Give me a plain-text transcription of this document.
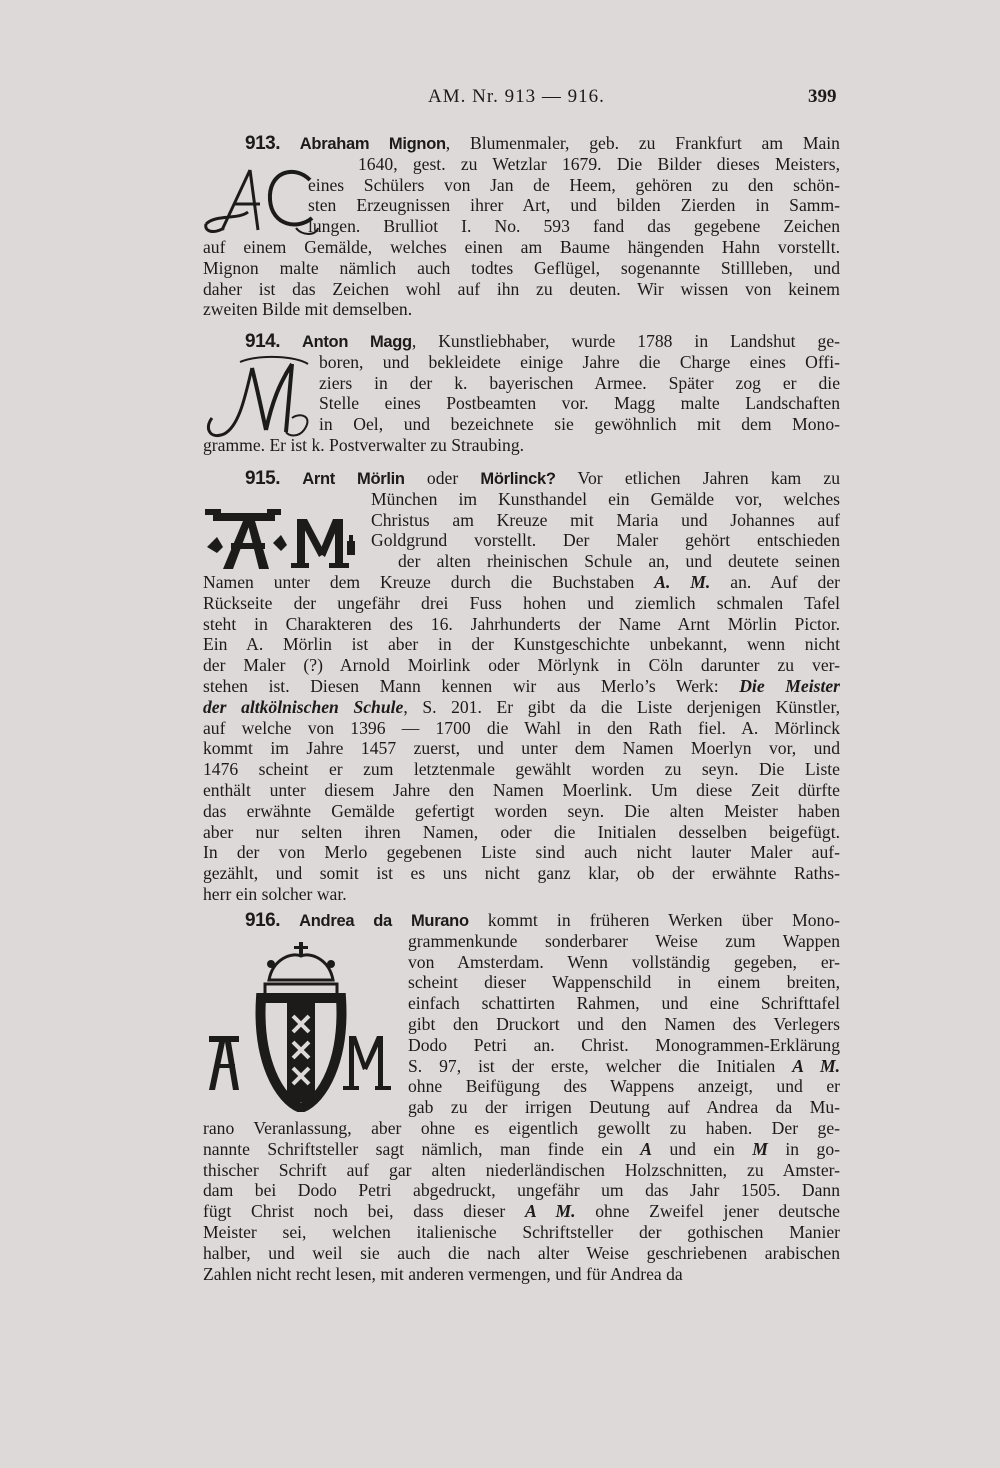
AM. Nr. 913 — 916.	399
913. Abraham Mignon, Blumenmaler, geb. zu Frankfurt am Main
1640, gest. zu Wetzlar 1679. Die Bilder dieses Meisters,
eines Schülers von Jan de Heem, gehören zu den schön-
sten Erzeugnissen ihrer Art, und bilden Zierden in Samm-
lungen. Brulliot I. No. 593 fand das gegebene Zeichen
auf einem Gemälde, welches einen am Baume hängenden Hahn vorstellt.
Mignon malte nämlich auch todtes Geflügel, sogenannte Stillleben, und
daher ist das Zeichen wohl auf ihn zu deuten. Wir wissen von keinem
zweiten Bilde mit demselben.
914. Anton Magg, Kunstliebhaber, wurde 1788 in Landshut ge-
boren, und bekleidete einige Jahre die Charge eines Offi-
ziers in der k. bayerischen Armee. Später zog er die
Stelle eines Postbeamten vor. Magg malte Landschaften
in Oel, und bezeichnete sie gewöhnlich mit dem Mono-
gramme. Er ist k. Postverwalter zu Straubing.
915. Arnt Mörlin oder Mörlinck? Vor etlichen Jahren kam zu
München im Kunsthandel ein Gemälde vor, welches
Christus am Kreuze mit Maria und Johannes auf
Goldgrund vorstellt. Der Maler gehört entschieden
der alten rheinischen Schule an, und deutete seinen
Namen unter dem Kreuze durch die Buchstaben A. M. an. Auf der
Rückseite der ungefähr drei Fuss hohen und ziemlich schmalen Tafel
steht in Charakteren des 16. Jahrhunderts der Name Arnt Mörlin Pictor.
Ein A. Mörlin ist aber in der Kunstgeschichte unbekannt, wenn nicht
der Maler (?) Arnold Moirlink oder Mörlynk in Cöln darunter zu ver-
stehen ist. Diesen Mann kennen wir aus Merlo’s Werk: Die Meister
der altkölnischen Schule, S. 201. Er gibt da die Liste derjenigen Künstler,
auf welche von 1396 — 1700 die Wahl in den Rath fiel. A. Mörlinck
kommt im Jahre 1457 zuerst, und unter dem Namen Moerlyn vor, und
1476 scheint er zum letztenmale gewählt worden zu seyn. Die Liste
enthält unter diesem Jahre den Namen Moerlink. Um diese Zeit dürfte
das erwähnte Gemälde gefertigt worden seyn. Die alten Meister haben
aber nur selten ihren Namen, oder die Initialen desselben beigefügt.
In der von Merlo gegebenen Liste sind auch nicht lauter Maler auf-
gezählt, und somit ist es uns nicht ganz klar, ob der erwähnte Raths-
herr ein solcher war.
916. Andrea da Murano kommt in früheren Werken über Mono-
grammenkunde sonderbarer Weise zum Wappen
von Amsterdam. Wenn vollständig gegeben, er-
scheint dieser Wappenschild in einem breiten,
einfach schattirten Rahmen, und eine Schrifttafel
gibt den Druckort und den Namen des Verlegers
Dodo Petri an. Christ. Monogrammen-Erklärung
S. 97, ist der erste, welcher die Initialen A M.
ohne Beifügung des Wappens anzeigt, und er
gab zu der irrigen Deutung auf Andrea da Mu-
rano Veranlassung, aber ohne es eigentlich gewollt zu haben. Der ge-
nannte Schriftsteller sagt nämlich, man finde ein A und ein M in go-
thischer Schrift auf gar alten niederländischen Holzschnitten, zu Amster-
dam bei Dodo Petri abgedruckt, ungefähr um das Jahr 1505. Dann
fügt Christ noch bei, dass dieser A M. ohne Zweifel jener deutsche
Meister sei, welchen italienische Schriftsteller der gothischen Manier
halber, und weil sie auch die nach alter Weise geschriebenen arabischen
Zahlen nicht recht lesen, mit anderen vermengen, und für Andrea da
